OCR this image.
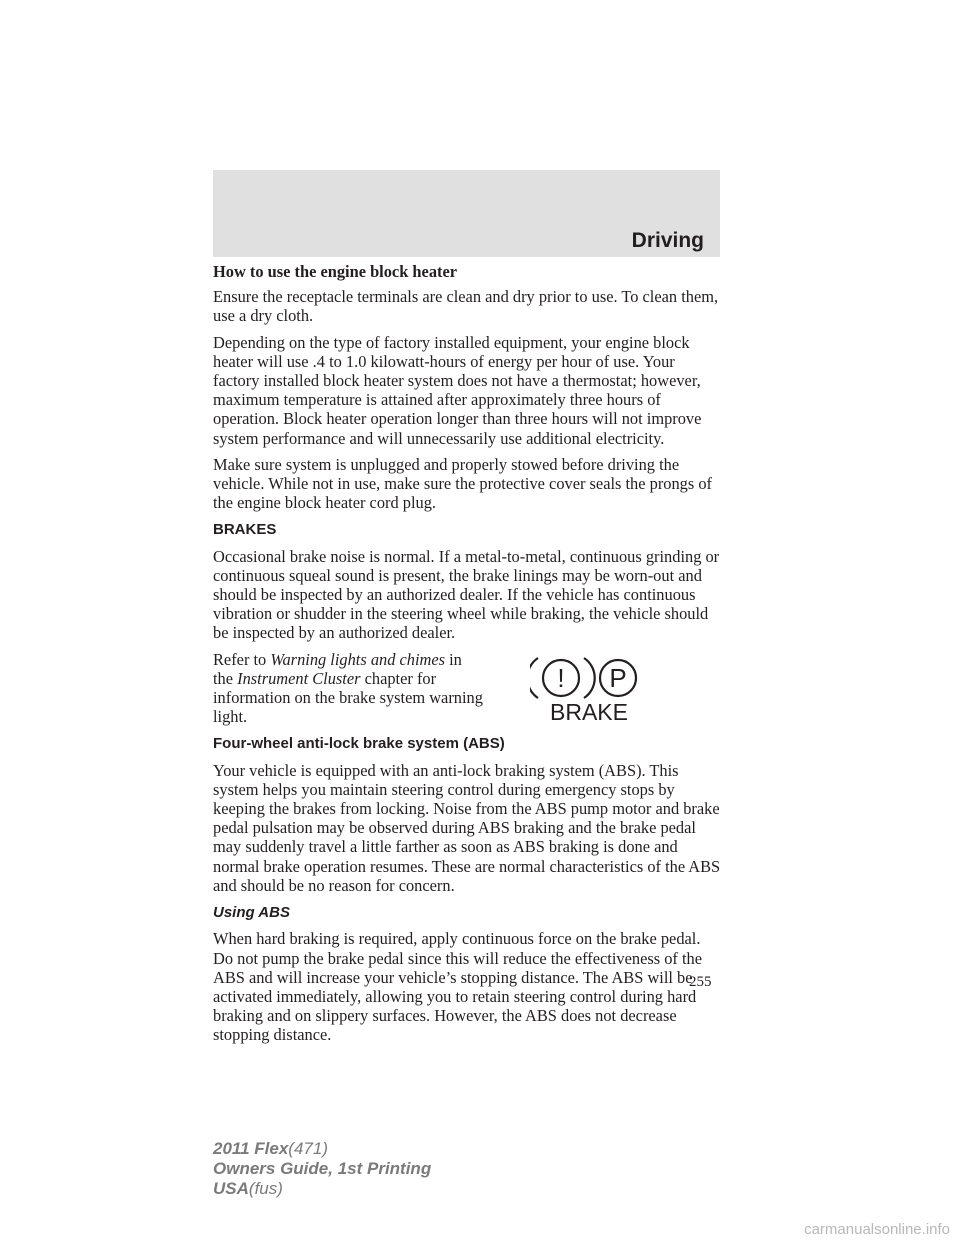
Driving
How to use the engine block heater

Ensure the receptacle terminals are clean and dry prior to use. To clean them, use a dry cloth.

Depending on the type of factory installed equipment, your engine block heater will use .4 to 1.0 kilowatt-hours of energy per hour of use. Your factory installed block heater system does not have a thermostat; however, maximum temperature is attained after approximately three hours of operation. Block heater operation longer than three hours will not improve system performance and will unnecessarily use additional electricity.

Make sure system is unplugged and properly stowed before driving the vehicle. While not in use, make sure the protective cover seals the prongs of the engine block heater cord plug.

BRAKES

Occasional brake noise is normal. If a metal-to-metal, continuous grinding or continuous squeal sound is present, the brake linings may be worn-out and should be inspected by an authorized dealer. If the vehicle has continuous vibration or shudder in the steering wheel while braking, the vehicle should be inspected by an authorized dealer.

Refer to Warning lights and chimes in the Instrument Cluster chapter for information on the brake system warning light.

! P
BRAKE
Four-wheel anti-lock brake system (ABS)

Your vehicle is equipped with an anti-lock braking system (ABS). This system helps you maintain steering control during emergency stops by keeping the brakes from locking. Noise from the ABS pump motor and brake pedal pulsation may be observed during ABS braking and the brake pedal may suddenly travel a little farther as soon as ABS braking is done and normal brake operation resumes. These are normal characteristics of the ABS and should be no reason for concern.

Using ABS

When hard braking is required, apply continuous force on the brake pedal. Do not pump the brake pedal since this will reduce the effectiveness of the ABS and will increase your vehicle’s stopping distance. The ABS will be activated immediately, allowing you to retain steering control during hard braking and on slippery surfaces. However, the ABS does not decrease stopping distance.

255
2011 Flex(471)
Owners Guide, 1st Printing
USA(fus)
carmanualsonline.info
